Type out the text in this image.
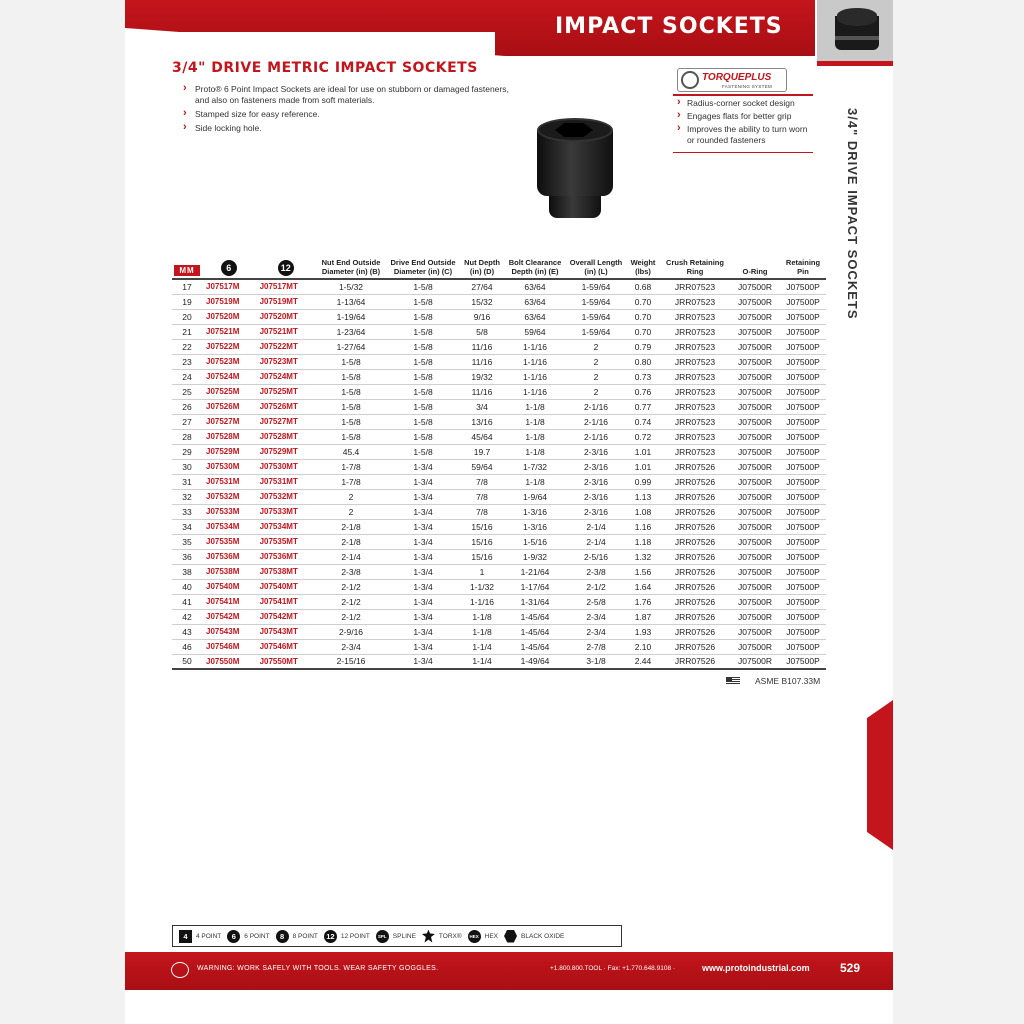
IMPACT SOCKETS
3/4" DRIVE IMPACT SOCKETS
3/4" DRIVE METRIC IMPACT SOCKETS
› Proto® 6 Point Impact Sockets are ideal for use on stubborn or damaged fasteners, and also on fasteners made from soft materials.
› Stamped size for easy reference.
› Side locking hole.
TORQUEPLUS
FASTENING SYSTEM
› Radius-corner socket design
› Engages flats for better grip
› Improves the ability to turn worn or rounded fasteners
MM	6	12	Nut End Outside Diameter (in) (B)	Drive End Outside Diameter (in) (C)	Nut Depth (in) (D)	Bolt Clearance Depth (in) (E)	Overall Length (in) (L)	Weight (lbs)	Crush Retaining Ring	O-Ring	Retaining Pin
17	J07517M	J07517MT	1-5/32	1-5/8	27/64	63/64	1-59/64	0.68	JRR07523	J07500R	J07500P
19	J07519M	J07519MT	1-13/64	1-5/8	15/32	63/64	1-59/64	0.70	JRR07523	J07500R	J07500P
20	J07520M	J07520MT	1-19/64	1-5/8	9/16	63/64	1-59/64	0.70	JRR07523	J07500R	J07500P
21	J07521M	J07521MT	1-23/64	1-5/8	5/8	59/64	1-59/64	0.70	JRR07523	J07500R	J07500P
22	J07522M	J07522MT	1-27/64	1-5/8	11/16	1-1/16	2	0.79	JRR07523	J07500R	J07500P
23	J07523M	J07523MT	1-5/8	1-5/8	11/16	1-1/16	2	0.80	JRR07523	J07500R	J07500P
24	J07524M	J07524MT	1-5/8	1-5/8	19/32	1-1/16	2	0.73	JRR07523	J07500R	J07500P
25	J07525M	J07525MT	1-5/8	1-5/8	11/16	1-1/16	2	0.76	JRR07523	J07500R	J07500P
26	J07526M	J07526MT	1-5/8	1-5/8	3/4	1-1/8	2-1/16	0.77	JRR07523	J07500R	J07500P
27	J07527M	J07527MT	1-5/8	1-5/8	13/16	1-1/8	2-1/16	0.74	JRR07523	J07500R	J07500P
28	J07528M	J07528MT	1-5/8	1-5/8	45/64	1-1/8	2-1/16	0.72	JRR07523	J07500R	J07500P
29	J07529M	J07529MT	45.4	1-5/8	19.7	1-1/8	2-3/16	1.01	JRR07523	J07500R	J07500P
30	J07530M	J07530MT	1-7/8	1-3/4	59/64	1-7/32	2-3/16	1.01	JRR07526	J07500R	J07500P
31	J07531M	J07531MT	1-7/8	1-3/4	7/8	1-1/8	2-3/16	0.99	JRR07526	J07500R	J07500P
32	J07532M	J07532MT	2	1-3/4	7/8	1-9/64	2-3/16	1.13	JRR07526	J07500R	J07500P
33	J07533M	J07533MT	2	1-3/4	7/8	1-3/16	2-3/16	1.08	JRR07526	J07500R	J07500P
34	J07534M	J07534MT	2-1/8	1-3/4	15/16	1-3/16	2-1/4	1.16	JRR07526	J07500R	J07500P
35	J07535M	J07535MT	2-1/8	1-3/4	15/16	1-5/16	2-1/4	1.18	JRR07526	J07500R	J07500P
36	J07536M	J07536MT	2-1/4	1-3/4	15/16	1-9/32	2-5/16	1.32	JRR07526	J07500R	J07500P
38	J07538M	J07538MT	2-3/8	1-3/4	1	1-21/64	2-3/8	1.56	JRR07526	J07500R	J07500P
40	J07540M	J07540MT	2-1/2	1-3/4	1-1/32	1-17/64	2-1/2	1.64	JRR07526	J07500R	J07500P
41	J07541M	J07541MT	2-1/2	1-3/4	1-1/16	1-31/64	2-5/8	1.76	JRR07526	J07500R	J07500P
42	J07542M	J07542MT	2-1/2	1-3/4	1-1/8	1-45/64	2-3/4	1.87	JRR07526	J07500R	J07500P
43	J07543M	J07543MT	2-9/16	1-3/4	1-1/8	1-45/64	2-3/4	1.93	JRR07526	J07500R	J07500P
46	J07546M	J07546MT	2-3/4	1-3/4	1-1/4	1-45/64	2-7/8	2.10	JRR07526	J07500R	J07500P
50	J07550M	J07550MT	2-15/16	1-3/4	1-1/4	1-49/64	3-1/8	2.44	JRR07526	J07500R	J07500P
ASME B107.33M
4	4 POINT	6	6 POINT	8	8 POINT	12 12 POINT	SPL SPLINE	TORX®	HEX HEX	BLACK OXIDE
WARNING: WORK SAFELY WITH TOOLS. WEAR SAFETY GOGGLES.	+1.800.800.TOOL · Fax: +1.770.648.9108 ·	www.protoindustrial.com	529
